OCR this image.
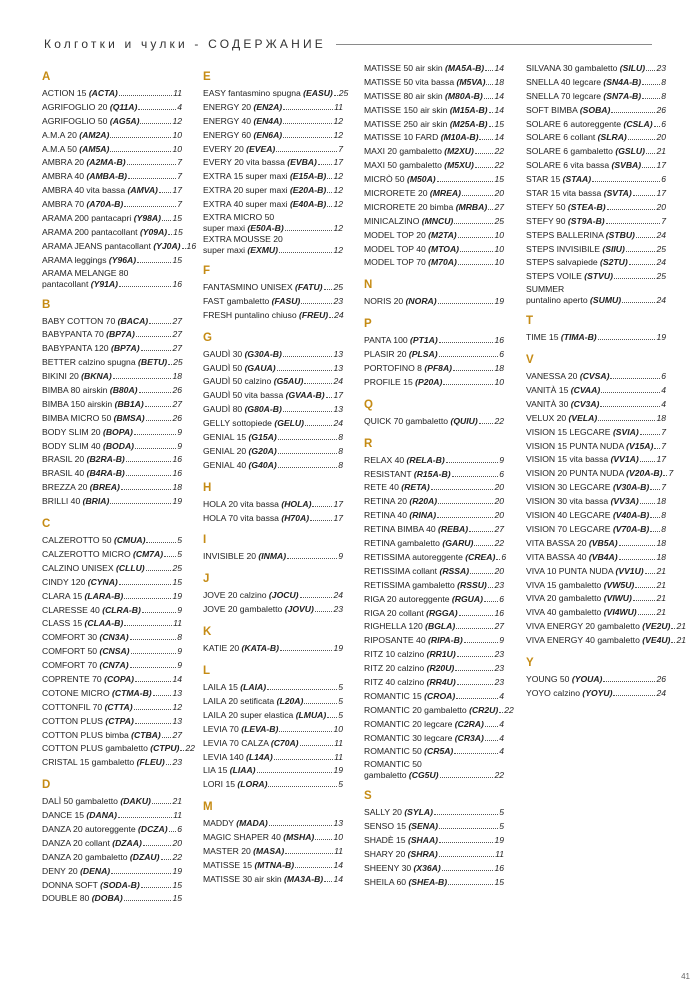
Колготки и чулки - СОДЕРЖАНИЕ
A
ACTION 15 (ACTA)	11
AGRIFOGLIO 20 (Q11A)	4
AGRIFOGLIO 50 (AG5A)	12
A.M.A 20 (AM2A)	10
A.M.A 50 (AM5A)	10
AMBRA 20 (A2MA-B)	7
AMBRA 40 (AMBA-B)	7
AMBRA 40 vita bassa (AMVA) 17
AMBRA 70 (A70A-B)	7
ARAMA 200 pantacapri (Y98A) 15
ARAMA 200 pantacollant (Y09A) 15
ARAMA JEANS pantacollant (YJ0A) 16
ARAMA leggings (Y96A)	15
ARAMA MELANGE 80
pantacollant (Y91A)	16
B
BABY COTTON 70 (BACA)	27
BABYPANTA 70 (BP7A)	27
BABYPANTA 120 (BP7A)	27
BETTER calzino spugna (BETU) 25
BIKINI 20 (BKNA)	18
BIMBA 80 airskin (B80A)	26
BIMBA 150 airskin (BB1A)	27
BIMBA MICRO 50 (BMSA)	26
BODY SLIM 20 (BOPA)	9
BODY SLIM 40 (BODA)	9
BRASIL 20 (B2RA-B)	16
BRASIL 40 (B4RA-B)	16
BREZZA 20 (BREA)	18
BRILLI 40 (BRIA)	19
C
CALZEROTTO 50 (CMUA)	5
CALZEROTTO MICRO (CM7A) 5
CALZINO UNISEX (CLLU)	25
CINDY 120 (CYNA)	15
CLARA 15 (LARA-B)	19
CLARESSE 40 (CLRA-B)	9
CLASS 15 (CLAA-B)	11
COMFORT 30 (CN3A)	8
COMFORT 50 (CNSA)	9
COMFORT 70 (CN7A)	9
COPRENTE 70 (COPA)	14
COTONE MICRO (CTMA-B) 13
COTTONFIL 70 (CTTA)	12
COTTON PLUS (CTPA)	13
COTTON PLUS bimba (CTBA) 27
COTTON PLUS gambaletto (CTPU) 22
CRISTAL 15 gambaletto (FLEU) 23
D
DALÌ 50 gambaletto (DAKU)	21
DANCE 15 (DANA)	11
DANZA 20 autoreggente (DCZA) 6
DANZA 20 collant (DZAA)	20
DANZA 20 gambaletto (DZAU) 22
DENY 20 (DENA)	19
DONNA SOFT (SODA-B)	15
DOUBLE 80 (DOBA)	15
E
EASY fantasmino spugna (EASU) 25
ENERGY 20 (EN2A)	11
ENERGY 40 (EN4A)	12
ENERGY 60 (EN6A)	12
EVERY 20 (EVEA)	7
EVERY 20 vita bassa (EVBA) 17
EXTRA 15 super maxi (E15A-B) 12
EXTRA 20 super maxi (E20A-B) 12
EXTRA 40 super maxi (E40A-B) 12
EXTRA MICRO 50
super maxi (E50A-B)	12
EXTRA MOUSSE 20
super maxi (EXMU)	12
F
FANTASMINO UNISEX (FATU) 25
FAST gambaletto (FASU)	23
FRESH puntalino chiuso (FREU) 24
G
GAUDÌ 30 (G30A-B)	13
GAUDÌ 50 (GAUA)	13
GAUDÌ 50 calzino (G5AU)	24
GAUDÌ 50 vita bassa (GVAA-B) 17
GAUDÌ 80 (G80A-B)	13
GELLY sottopiede (GELU)	24
GENIAL 15 (G15A)	8
GENIAL 20 (G20A)	8
GENIAL 40 (G40A)	8
H
HOLA 20 vita bassa (HOLA)	17
HOLA 70 vita bassa (H70A)	17
I
INVISIBLE 20 (INMA)	9
J
JOVE 20 calzino (JOCU)	24
JOVE 20 gambaletto (JOVU) 23
K
KATIE 20 (KATA-B)	19
L
LAILA 15 (LAIA)	5
LAILA 20 setificata (L20A)	5
LAILA 20 super elastica (LMUA) 5
LEVIA 70 (LEVA-B)	10
LEVIA 70 CALZA (C70A)	11
LEVIA 140 (L14A)	11
LIA 15 (LIAA)	19
LORI 15 (LORA)	5
M
MADDY (MADA)	13
MAGIC SHAPER 40 (MSHA) 10
MASTER 20 (MASA)	11
MATISSE 15 (MTNA-B)	14
MATISSE 30 air skin (MA3A-B) 14
MATISSE 50 air skin (MA5A-B) 14
MATISSE 50 vita bassa (M5VA) 18
MATISSE 80 air skin (M80A-B) 14
MATISSE 150 air skin (M15A-B) 14
MATISSE 250 air skin (M25A-B) 15
MATISSE 10 FARD (M10A-B) 14
MAXI 20 gambaletto (M2XU) 22
MAXI 50 gambaletto (M5XU) 22
MICRÒ 50 (M50A)	15
MICRORETE 20 (MREA)	20
MICRORETE 20 bimba (MRBA) 27
MINICALZINO (MNCU)	25
MODEL TOP 20 (M2TA)	10
MODEL TOP 40 (MTOA)	10
MODEL TOP 70 (M70A)	10
N
NORIS 20 (NORA)	19
P
PANTA 100 (PT1A)	16
PLASIR 20 (PLSA)	6
PORTOFINO 8 (PF8A)	18
PROFILE 15 (P20A)	10
Q
QUICK 70 gambaletto (QUIU) 22
R
RELAX 40 (RELA-B)	9
RESISTANT (R15A-B)	6
RETE 40 (RETA)	20
RETINA 20 (R20A)	20
RETINA 40 (RINA)	20
RETINA BIMBA 40 (REBA)	27
RETINA gambaletto (GARU) 22
RETISSIMA autoreggente (CREA) 6
RETISSIMA collant (RSSA)	20
RETISSIMA gambaletto (RSSU) 23
RIGA 20 autoreggente (RGUA) 6
RIGA 20 collant (RGGA)	16
RIGHELLA 120 (BGLA)	27
RIPOSANTE 40 (RIPA-B)	9
RITZ 10 calzino (RR1U)	23
RITZ 20 calzino (R20U)	23
RITZ 40 calzino (RR4U)	23
ROMANTIC 15 (CROA)	4
ROMANTIC 20 gambaletto (CR2U) 22
ROMANTIC 20 legcare (C2RA) 4
ROMANTIC 30 legcare (CR3A) 4
ROMANTIC 50 (CR5A)	4
ROMANTIC 50
gambaletto (CG5U)	22
S
SALLY 20 (SYLA)	5
SENSO 15 (SENA)	5
SHADÈ 15 (SHAA)	19
SHARY 20 (SHRA)	11
SHEENY 30 (X36A)	16
SHEILA 60 (SHEA-B)	15
SILVANA 30 gambaletto (SILU) 23
SNELLA 40 legcare (SN4A-B) 8
SNELLA 70 legcare (SN7A-B) 8
SOFT BIMBA (SOBA)	26
SOLARE 6 autoreggente (CSLA) 6
SOLARE 6 collant (SLRA)	20
SOLARE 6 gambaletto (GSLU) 21
SOLARE 6 vita bassa (SVBA) 17
STAR 15 (STAA)	6
STAR 15 vita bassa (SVTA)	17
STEFY 50 (STEA-B)	20
STEFY 90 (ST9A-B)	7
STEPS BALLERINA (STBU)	24
STEPS INVISIBILE (SIIU)	25
STEPS salvapiede (S2TU)	24
STEPS VOILE (STVU)	25
SUMMER
puntalino aperto (SUMU)	24
T
TIME 15 (TIMA-B)	19
V
VANESSA 20 (CVSA)	6
VANITÀ 15 (CVAA)	4
VANITÀ 30 (CV3A)	4
VELUX 20 (VELA)	18
VISION 15 LEGCARE (SVIA)	7
VISION 15 PUNTA NUDA (V15A) 7
VISION 15 vita bassa (VV1A) 17
VISION 20 PUNTA NUDA (V20A-B) 7
VISION 30 LEGCARE (V30A-B) 7
VISION 30 vita bassa (VV3A) 18
VISION 40 LEGCARE (V40A-B) 8
VISION 70 LEGCARE (V70A-B) 8
VITA BASSA 20 (VB5A)	18
VITA BASSA 40 (VB4A)	18
VIVA 10 PUNTA NUDA (VV1U) 21
VIVA 15 gambaletto (VW5U)	21
VIVA 20 gambaletto (VIWU)	21
VIVA 40 gambaletto (VI4WU) 21
VIVA ENERGY 20 gambaletto (VE2U) 21
VIVA ENERGY 40 gambaletto (VE4U) 21
Y
YOUNG 50 (YOUA)	26
YOYO calzino (YOYU)	24
41
